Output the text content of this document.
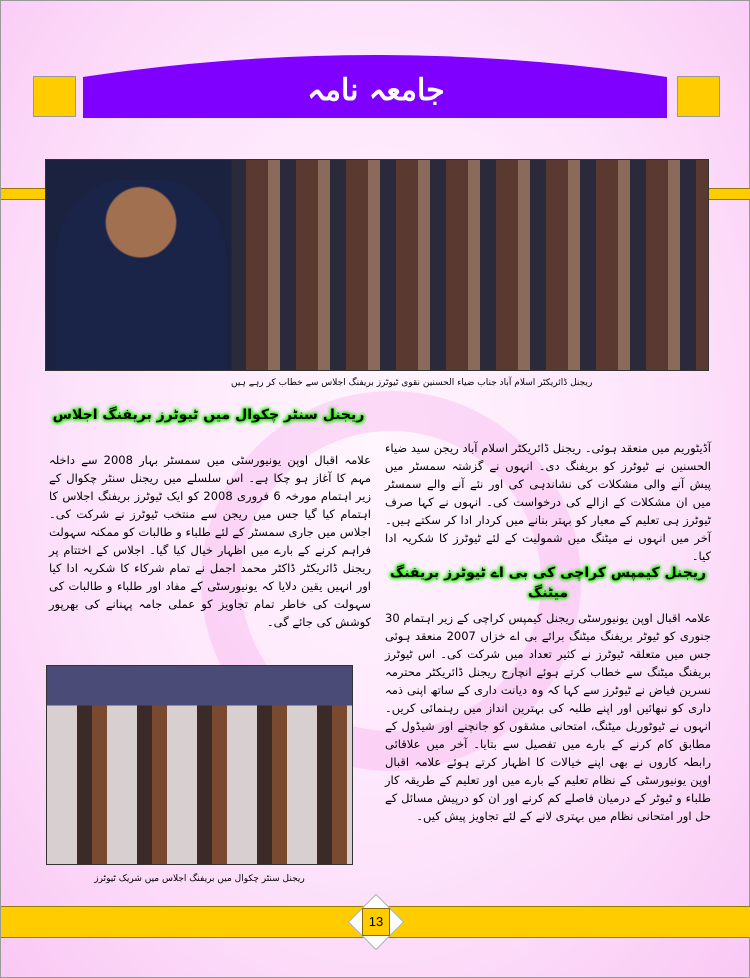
جامعہ نامہ
ریجنل ڈائریکٹر اسلام آباد جناب ضیاء الحسنین نقوی ٹیوٹرز بریفنگ اجلاس سے خطاب کر رہے ہیں
آڈیٹوریم میں منعقد ہوئی۔ ریجنل ڈائریکٹر اسلام آباد ریجن سید ضیاء الحسنین نے ٹیوٹرز کو بریفنگ دی۔ انہوں نے گزشتہ سمسٹر میں پیش آنے والی مشکلات کی نشاندہی کی اور نئے آنے والے سمسٹر میں ان مشکلات کے ازالے کی درخواست کی۔ انہوں نے کہا صرف ٹیوٹرز ہی تعلیم کے معیار کو بہتر بنانے میں کردار ادا کر سکتے ہیں۔ آخر میں انہوں نے میٹنگ میں شمولیت کے لئے ٹیوٹرز کا شکریہ ادا کیا۔
ریجنل سنٹر چکوال میں ٹیوٹرز بریفنگ اجلاس
علامہ اقبال اوپن یونیورسٹی میں سمسٹر بہار 2008 سے داخلہ مہم کا آغاز ہو چکا ہے۔ اس سلسلے میں ریجنل سنٹر چکوال کے زیر اہتمام مورخہ 6 فروری 2008 کو ایک ٹیوٹرز بریفنگ اجلاس کا اہتمام کیا گیا جس میں ریجن سے منتخب ٹیوٹرز نے شرکت کی۔ اجلاس میں جاری سمسٹر کے لئے طلباء و طالبات کو ممکنہ سہولت فراہم کرنے کے بارے میں اظہار خیال کیا گیا۔ اجلاس کے اختتام پر ریجنل ڈائریکٹر ڈاکٹر محمد اجمل نے تمام شرکاء کا شکریہ ادا کیا اور انہیں یقین دلایا کہ یونیورسٹی کے مفاد اور طلباء و طالبات کی سہولت کی خاطر تمام تجاویز کو عملی جامہ پہنانے کی بھرپور کوشش کی جائے گی۔
ریجنل سنٹر چکوال میں بریفنگ اجلاس میں شریک ٹیوٹرز
ریجنل کیمپس کراچی کی بی اے ٹیوٹرز بریفنگ میٹنگ
علامہ اقبال اوپن یونیورسٹی ریجنل کیمپس کراچی کے زیر اہتمام 30 جنوری کو ٹیوٹر بریفنگ میٹنگ برائے بی اے خزاں 2007 منعقد ہوئی جس میں متعلقہ ٹیوٹرز نے کثیر تعداد میں شرکت کی۔ اس ٹیوٹرز بریفنگ میٹنگ سے خطاب کرتے ہوئے انچارج ریجنل ڈائریکٹر محترمہ نسرین فیاض نے ٹیوٹرز سے کہا کہ وہ دیانت داری کے ساتھ اپنی ذمہ داری کو نبھائیں اور اپنے طلبہ کی بہترین انداز میں رہنمائی کریں۔ انہوں نے ٹیوٹوریل میٹنگ، امتحانی مشقوں کو جانچنے اور شیڈول کے مطابق کام کرنے کے بارے میں تفصیل سے بتایا۔ آخر میں علاقائی رابطہ کاروں نے بھی اپنے خیالات کا اظہار کرتے ہوئے علامہ اقبال اوپن یونیورسٹی کے نظام تعلیم کے بارے میں اور تعلیم کے طریقہ کار طلباء و ٹیوٹر کے درمیان فاصلے کم کرنے اور ان کو درپیش مسائل کے حل اور امتحانی نظام میں بہتری لانے کے لئے تجاویز پیش کیں۔
13
